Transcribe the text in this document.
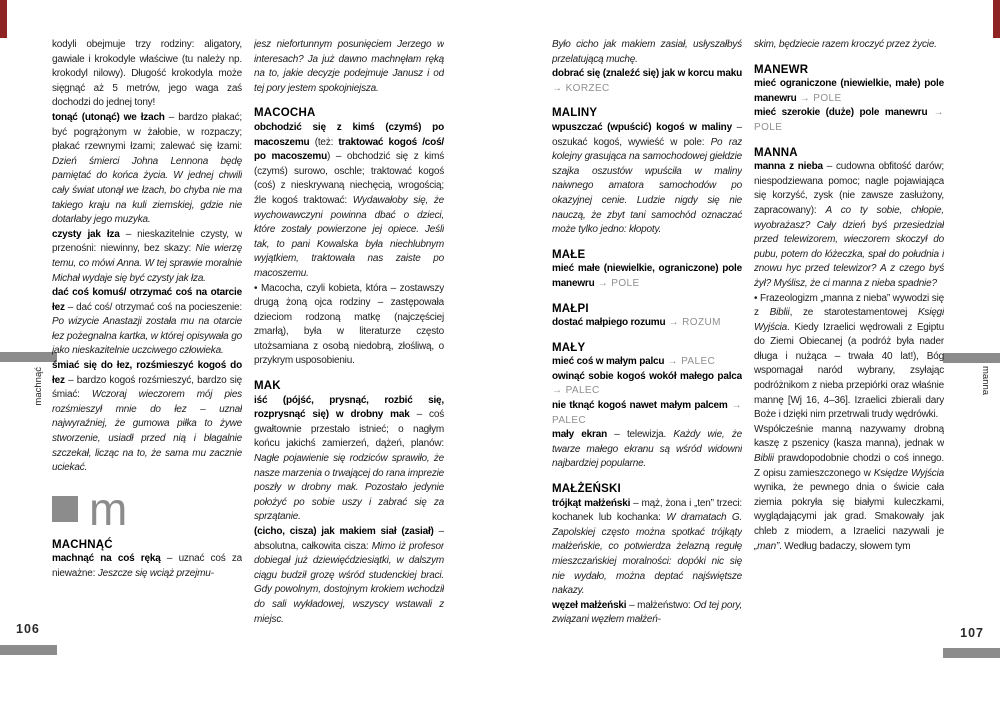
machnąć
106
manna
107

kodyli obejmuje trzy rodziny: aligatory, gawiale i krokodyle właściwe (tu należy np. krokodyl nilowy). Długość krokodyla może sięgnąć aż 5 metrów, jego waga zaś dochodzi do jednej tony!

tonąć (utonąć) we łzach – bardzo płakać; być pogrążonym w żałobie, w rozpaczy; płakać rzewnymi łzami; zalewać się łzami: Dzień śmierci Johna Lennona będę pamiętać do końca życia. W jednej chwili cały świat utonął we łzach, bo chyba nie ma takiego kraju na kuli ziemskiej, gdzie nie dotarłaby jego muzyka.

czysty jak łza – nieskazitelnie czysty, w przenośni: niewinny, bez skazy: Nie wierzę temu, co mówi Anna. W tej sprawie moralnie Michał wydaje się być czysty jak łza.

dać coś komuś/ otrzymać coś na otarcie łez – dać coś/ otrzymać coś na pocieszenie: Po wizycie Anastazji została mu na otarcie łez pożegnalna kartka, w której opisywała go jako nieskazitelnie uczciwego człowieka.

śmiać się do łez, rozśmieszyć kogoś do łez – bardzo kogoś rozśmieszyć, bardzo się śmiać: Wczoraj wieczorem mój pies rozśmieszył mnie do łez – uznał najwyraźniej, że gumowa piłka to żywe stworzenie, usiadł przed nią i błagalnie szczekał, licząc na to, że sama mu zacznie uciekać.

m

MACHNĄĆ

machnąć na coś ręką – uznać coś za nieważne: Jeszcze się wciąż przejmu-

jesz niefortunnym posunięciem Jerzego w interesach? Ja już dawno machnęłam ręką na to, jakie decyzje podejmuje Janusz i od tej pory jestem spokojniejsza.

MACOCHA

obchodzić się z kimś (czymś) po macoszemu (też: traktować kogoś /coś/ po macoszemu) – obchodzić się z kimś (czymś) surowo, oschle; traktować kogoś (coś) z nieskrywaną niechęcią, wrogością; źle kogoś traktować: Wydawałoby się, że wychowawczyni powinna dbać o dzieci, które zostały powierzone jej opiece. Jeśli tak, to pani Kowalska była niechlubnym wyjątkiem, traktowała nas zaiste po macoszemu.

• Macocha, czyli kobieta, która – zostawszy drugą żoną ojca rodziny – zastępowała dzieciom rodzoną matkę (najczęściej zmarłą), była w literaturze często utożsamiana z osobą niedobrą, złośliwą, o przykrym usposobieniu.

MAK

iść (pójść, prysnąć, rozbić się, rozprysnąć się) w drobny mak – coś gwałtownie przestało istnieć; o nagłym końcu jakichś zamierzeń, dążeń, planów: Nagłe pojawienie się rodziców sprawiło, że nasze marzenia o trwającej do rana imprezie poszły w drobny mak. Pozostało jedynie położyć po sobie uszy i zabrać się za sprzątanie.

(cicho, cisza) jak makiem siał (zasiał) – absolutna, całkowita cisza: Mimo iż profesor dobiegał już dziewięćdziesiątki, w dalszym ciągu budził grozę wśród studenckiej braci. Gdy powolnym, dostojnym krokiem wchodził do sali wykładowej, wszyscy wstawali z miejsc.

Było cicho jak makiem zasiał, usłyszałbyś przelatującą muchę.

dobrać się (znaleźć się) jak w korcu maku → KORZEC

MALINY

wpuszczać (wpuścić) kogoś w maliny – oszukać kogoś, wywieść w pole: Po raz kolejny grasująca na samochodowej giełdzie szajka oszustów wpuściła w maliny naiwnego amatora samochodów po okazyjnej cenie. Ludzie nigdy się nie nauczą, że zbyt tani samochód oznaczać może tylko jedno: kłopoty.

MAŁE

mieć małe (niewielkie, ograniczone) pole manewru → POLE

MAŁPI

dostać małpiego rozumu → ROZUM

MAŁY

mieć coś w małym palcu → PALEC

owinąć sobie kogoś wokół małego palca → PALEC

nie tknąć kogoś nawet małym palcem → PALEC

mały ekran – telewizja. Każdy wie, że twarze małego ekranu są wśród widowni najbardziej popularne.

MAŁŻEŃSKI

trójkąt małżeński – mąż, żona i „ten” trzeci: kochanek lub kochanka: W dramatach G. Zapolskiej często można spotkać trójkąty małżeńskie, co potwierdza żelazną regułę mieszczańskiej moralności: dopóki nic się nie wydało, można deptać najświętsze nakazy.

węzeł małżeński – małżeństwo: Od tej pory, związani węzłem małżeń-

skim, będziecie razem kroczyć przez życie.

MANEWR

mieć ograniczone (niewielkie, małe) pole manewru → POLE

mieć szerokie (duże) pole manewru → POLE

MANNA

manna z nieba – cudowna obfitość darów; niespodziewana pomoc; nagle pojawiająca się korzyść, zysk (nie zawsze zasłużony, zapracowany): A co ty sobie, chłopie, wyobrażasz? Cały dzień byś przesiedział przed telewizorem, wieczorem skoczył do pubu, potem do łóżeczka, spał do południa i znowu hyc przed telewizor? A z czego byś żył? Myślisz, że ci manna z nieba spadnie?

• Frazeologizm „manna z nieba” wywodzi się z Biblii, ze starotestamentowej Księgi Wyjścia. Kiedy Izraelici wędrowali z Egiptu do Ziemi Obiecanej (a podróż była nader długa i nużąca – trwała 40 lat!), Bóg wspomagał naród wybrany, zsyłając podróżnikom z nieba przepiórki oraz właśnie mannę [Wj 16, 4–36]. Izraelici zbierali dary Boże i dzięki nim przetrwali trudy wędrówki.

Współcześnie manną nazywamy drobną kaszę z pszenicy (kasza manna), jednak w Biblii prawdopodobnie chodzi o coś innego. Z opisu zamieszczonego w Księdze Wyjścia wynika, że pewnego dnia o świcie cała ziemia pokryła się białymi kuleczkami, wyglądającymi jak grad. Smakowały jak chleb z miodem, a Izraelici nazywali je „man”. Według badaczy, słowem tym
